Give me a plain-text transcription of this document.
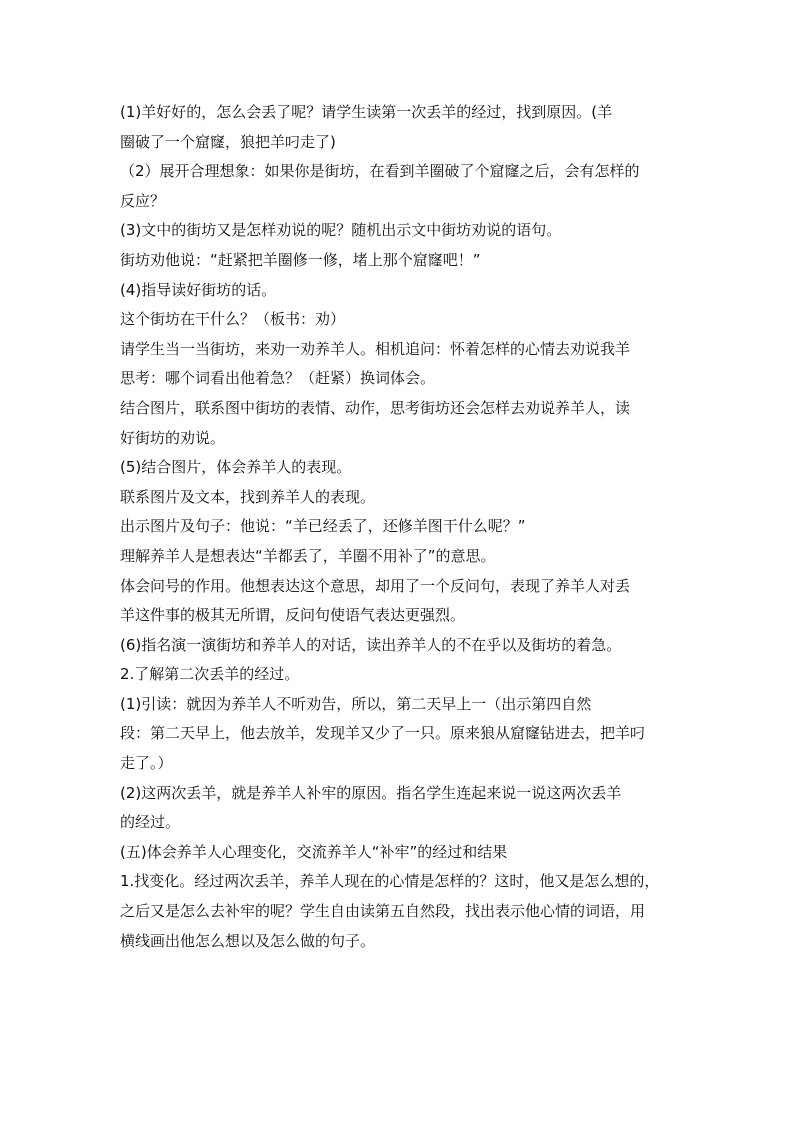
(1)羊好好的，怎么会丢了呢？请学生读第一次丢羊的经过，找到原因。(羊
圈破了一个窟窿，狼把羊叼走了)
（2）展开合理想象：如果你是街坊，在看到羊圈破了个窟窿之后，会有怎样的
反应？
(3)文中的街坊又是怎样劝说的呢？随机出示文中街坊劝说的语句。
街坊劝他说：“赶紧把羊圈修一修，堵上那个窟窿吧！”
(4)指导读好街坊的话。
这个街坊在干什么？（板书：劝）
请学生当一当街坊，来劝一劝养羊人。相机追问：怀着怎样的心情去劝说我羊
思考：哪个词看出他着急？（赶紧）换词体会。
结合图片，联系图中街坊的表情、动作，思考街坊还会怎样去劝说养羊人，读
好街坊的劝说。
(5)结合图片，体会养羊人的表现。
联系图片及文本，找到养羊人的表现。
出示图片及句子：他说：“羊已经丢了，还修羊图干什么呢？”
理解养羊人是想表达“羊都丢了，羊圈不用补了”的意思。
体会问号的作用。他想表达这个意思，却用了一个反问句，表现了养羊人对丢
羊这件事的极其无所谓，反问句使语气表达更强烈。
(6)指名演一演街坊和养羊人的对话，读出养羊人的不在乎以及街坊的着急。
2.了解第二次丢羊的经过。
(1)引读：就因为养羊人不听劝告，所以，第二天早上一（出示第四自然
段：第二天早上，他去放羊，发现羊又少了一只。原来狼从窟窿钻进去，把羊叼
走了。）
(2)这两次丢羊，就是养羊人补牢的原因。指名学生连起来说一说这两次丢羊
的经过。
(五)体会养羊人心理变化，交流养羊人“补牢”的经过和结果
1.找变化。经过两次丢羊，养羊人现在的心情是怎样的？这时，他又是怎么想的，
之后又是怎么去补牢的呢？学生自由读第五自然段，找出表示他心情的词语，用
横线画出他怎么想以及怎么做的句子。
